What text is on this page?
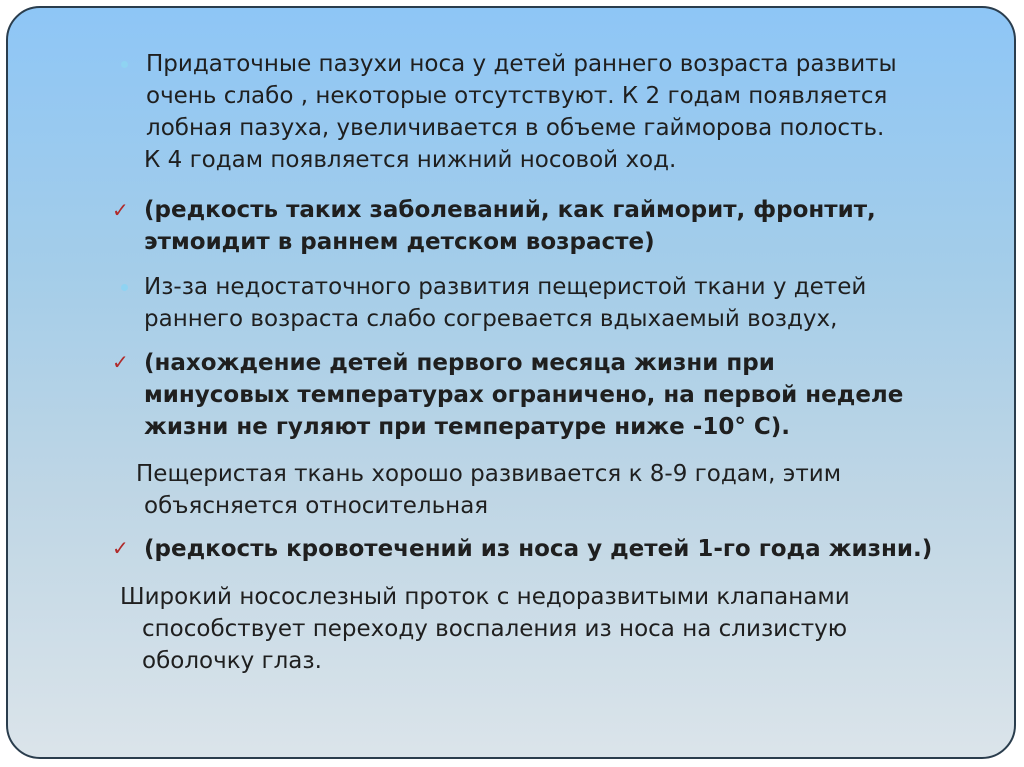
Придаточные пазухи носа у детей раннего возраста развиты
очень слабо , некоторые отсутствуют. К 2 годам появляется
лобная пазуха, увеличивается в объеме гайморова полость.
К 4 годам появляется нижний носовой ход.
✓ (редкость таких заболеваний, как гайморит, фронтит,
этмоидит в раннем детском возрасте)
Из-за недостаточного развития пещеристой ткани у детей
раннего возраста слабо согревается вдыхаемый воздух,
✓ (нахождение детей первого месяца жизни при
минусовых температурах ограничено, на первой неделе
жизни не гуляют при температуре ниже -10° С).
Пещеристая ткань хорошо развивается к 8-9 годам, этим
объясняется относительная
✓ (редкость кровотечений из носа у детей 1-го года жизни.)
Широкий носослезный проток с недоразвитыми клапанами
способствует переходу воспаления из носа на слизистую
оболочку глаз.
